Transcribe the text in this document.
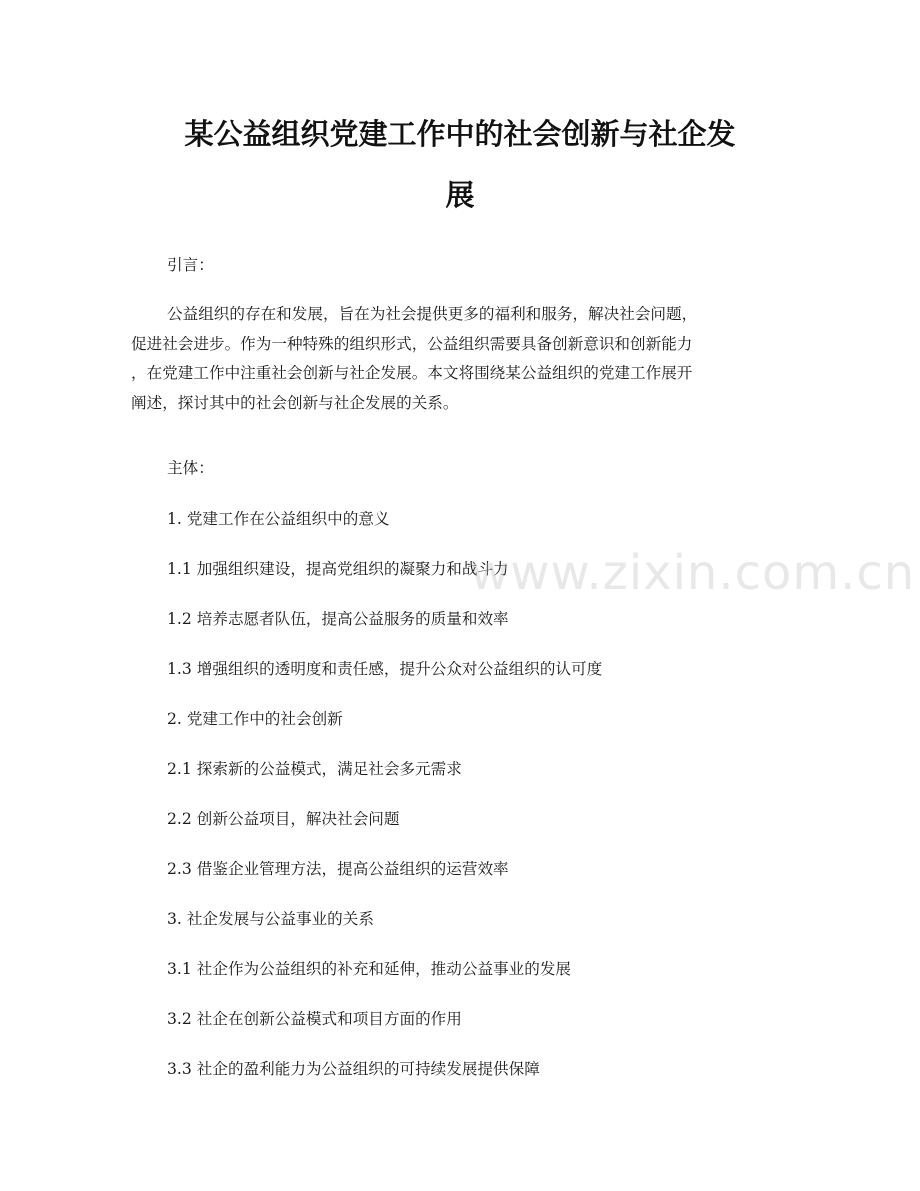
某公益组织党建工作中的社会创新与社企发
展

引言：

公益组织的存在和发展，旨在为社会提供更多的福利和服务，解决社会问题，
促进社会进步。作为一种特殊的组织形式，公益组织需要具备创新意识和创新能力
，在党建工作中注重社会创新与社企发展。本文将围绕某公益组织的党建工作展开
阐述，探讨其中的社会创新与社企发展的关系。

主体：

1. 党建工作在公益组织中的意义

1.1 加强组织建设，提高党组织的凝聚力和战斗力

1.2 培养志愿者队伍，提高公益服务的质量和效率

1.3 增强组织的透明度和责任感，提升公众对公益组织的认可度

2. 党建工作中的社会创新

2.1 探索新的公益模式，满足社会多元需求

2.2 创新公益项目，解决社会问题

2.3 借鉴企业管理方法，提高公益组织的运营效率

3. 社企发展与公益事业的关系

3.1 社企作为公益组织的补充和延伸，推动公益事业的发展

3.2 社企在创新公益模式和项目方面的作用

3.3 社企的盈利能力为公益组织的可持续发展提供保障

www.zixin.com.cn
